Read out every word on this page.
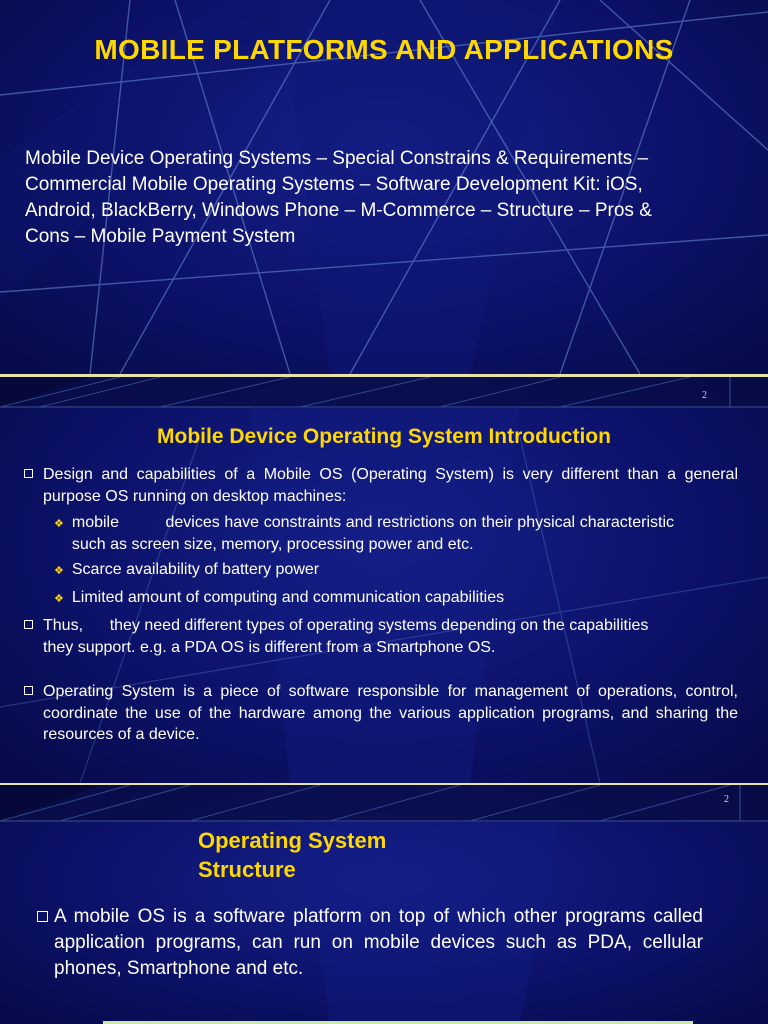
MOBILE PLATFORMS AND APPLICATIONS
Mobile Device Operating Systems – Special Constrains & Requirements –
Commercial Mobile Operating Systems – Software Development Kit: iOS,
Android, BlackBerry, Windows Phone – M-Commerce – Structure – Pros &
Cons – Mobile Payment System
2
Mobile Device Operating System Introduction
Design and capabilities of a Mobile OS (Operating System) is very different than a general purpose OS running on desktop machines:
❖ mobile          devices have constraints and restrictions on their physical characteristic  such as screen size, memory, processing power and etc.
❖ Scarce availability of battery power
❖ Limited amount of computing and communication capabilities
Thus,      they need different types of operating systems depending on the capabilities
they support. e.g. a PDA OS is different from a Smartphone OS.
Operating System is a piece of software responsible for management of operations, control, coordinate the use of the hardware among the various application programs, and sharing the resources of a device.
2
Operating System
Structure
A mobile OS is a software platform on top of which other programs called application programs, can run on mobile devices such as PDA, cellular phones, Smartphone and etc.
